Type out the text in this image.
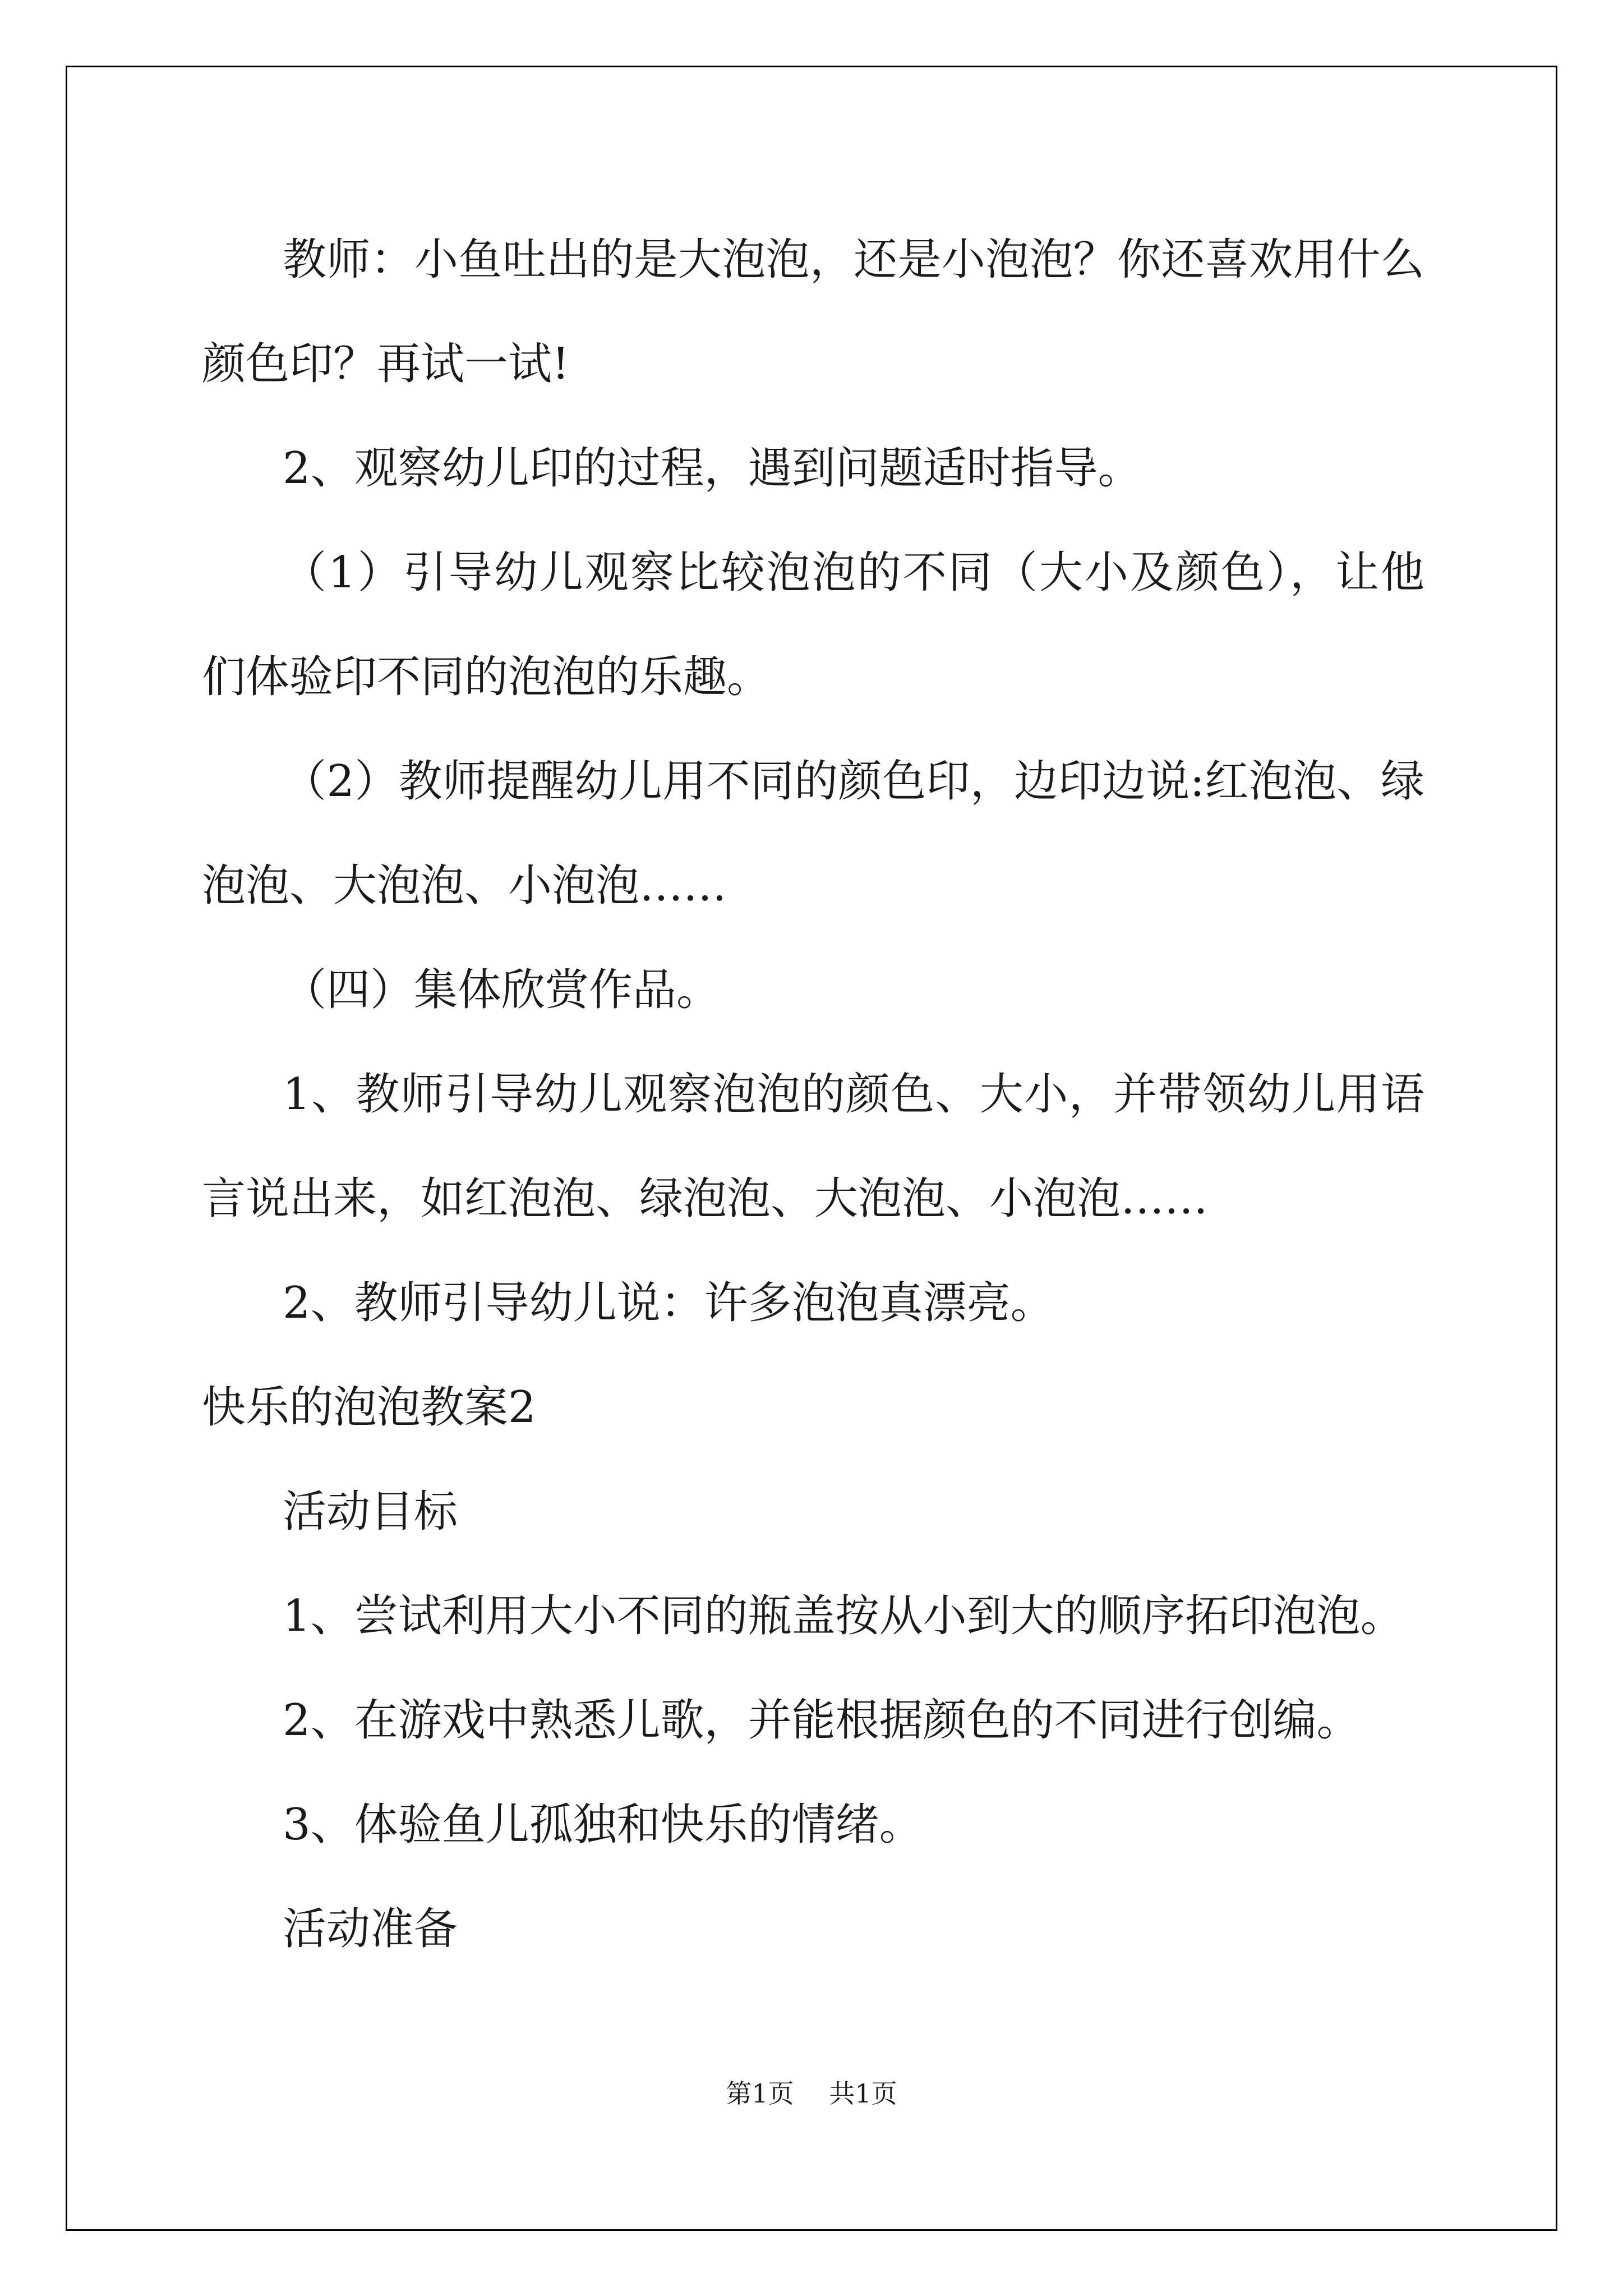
教师：小鱼吐出的是大泡泡，还是小泡泡？你还喜欢用什么颜色印？再试一试!

2、观察幼儿印的过程，遇到问题适时指导。

（1）引导幼儿观察比较泡泡的不同（大小及颜色），让他们体验印不同的泡泡的乐趣。

（2）教师提醒幼儿用不同的颜色印，边印边说:红泡泡、绿泡泡、大泡泡、小泡泡……

（四）集体欣赏作品。

1、教师引导幼儿观察泡泡的颜色、大小，并带领幼儿用语言说出来，如红泡泡、绿泡泡、大泡泡、小泡泡……

2、教师引导幼儿说：许多泡泡真漂亮。

快乐的泡泡教案2

活动目标

1、尝试利用大小不同的瓶盖按从小到大的顺序拓印泡泡。

2、在游戏中熟悉儿歌，并能根据颜色的不同进行创编。

3、体验鱼儿孤独和快乐的情绪。

活动准备

第1页 共1页
